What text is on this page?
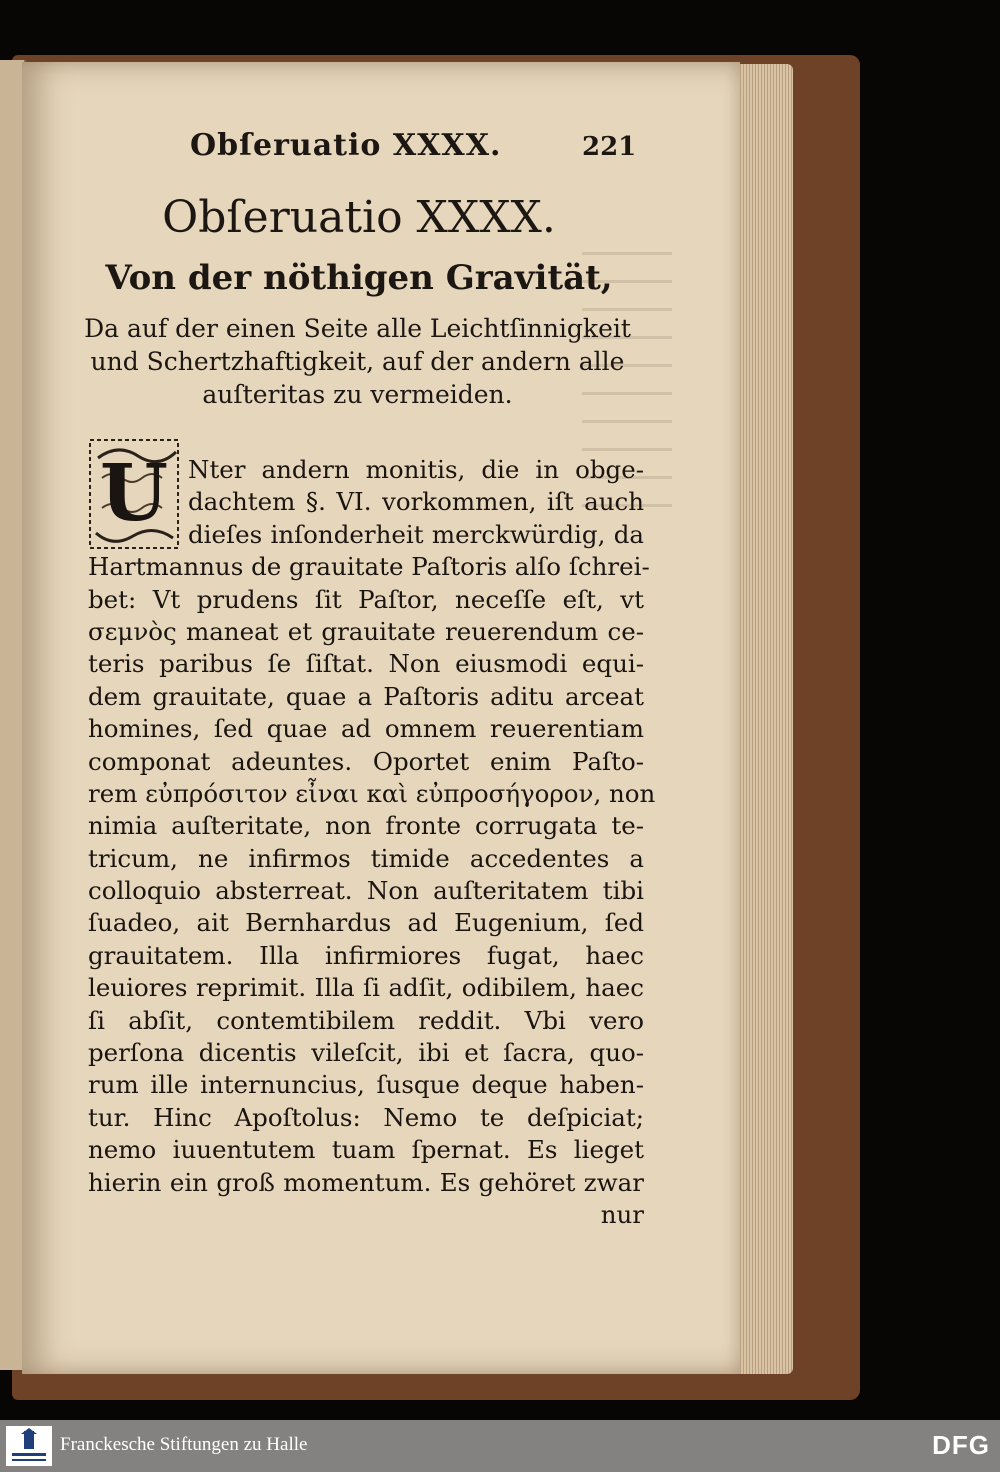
Obſeruatio XXXX.	221
Obſeruatio XXXX.
Von der nöthigen Gravität,
Da auf der einen Seite alle Leichtſinnigkeit
und Schertzhaftigkeit, auf der andern alle
auſteritas zu vermeiden.
U Nter andern monitis, die in obge-
dachtem §. VI. vorkommen, iſt auch
dieſes inſonderheit merckwürdig, da
Hartmannus de grauitate Paſtoris alſo ſchrei-
bet: Vt prudens ſit Paſtor, neceſſe eſt, vt
σεμνὸς maneat et grauitate reuerendum ce-
teris paribus ſe ſiſtat. Non eiusmodi equi-
dem grauitate, quae a Paſtoris aditu arceat
homines, ſed quae ad omnem reuerentiam
componat adeuntes. Oportet enim Paſto-
rem εὐπρόσιτον εἶναι καὶ εὐπροσήγορον, non
nimia auſteritate, non fronte corrugata te-
tricum, ne infirmos timide accedentes a
colloquio absterreat. Non auſteritatem tibi
ſuadeo, ait Bernhardus ad Eugenium, ſed
grauitatem. Illa infirmiores fugat, haec
leuiores reprimit. Illa ſi adſit, odibilem, haec
ſi abſit, contemtibilem reddit. Vbi vero
perſona dicentis vileſcit, ibi et ſacra, quo-
rum ille internuncius, ſusque deque haben-
tur. Hinc Apoſtolus: Nemo te deſpiciat;
nemo iuuentutem tuam ſpernat. Es lieget
hierin ein groß momentum. Es gehöret zwar
nur
Franckesche Stiftungen zu Halle	DFG
